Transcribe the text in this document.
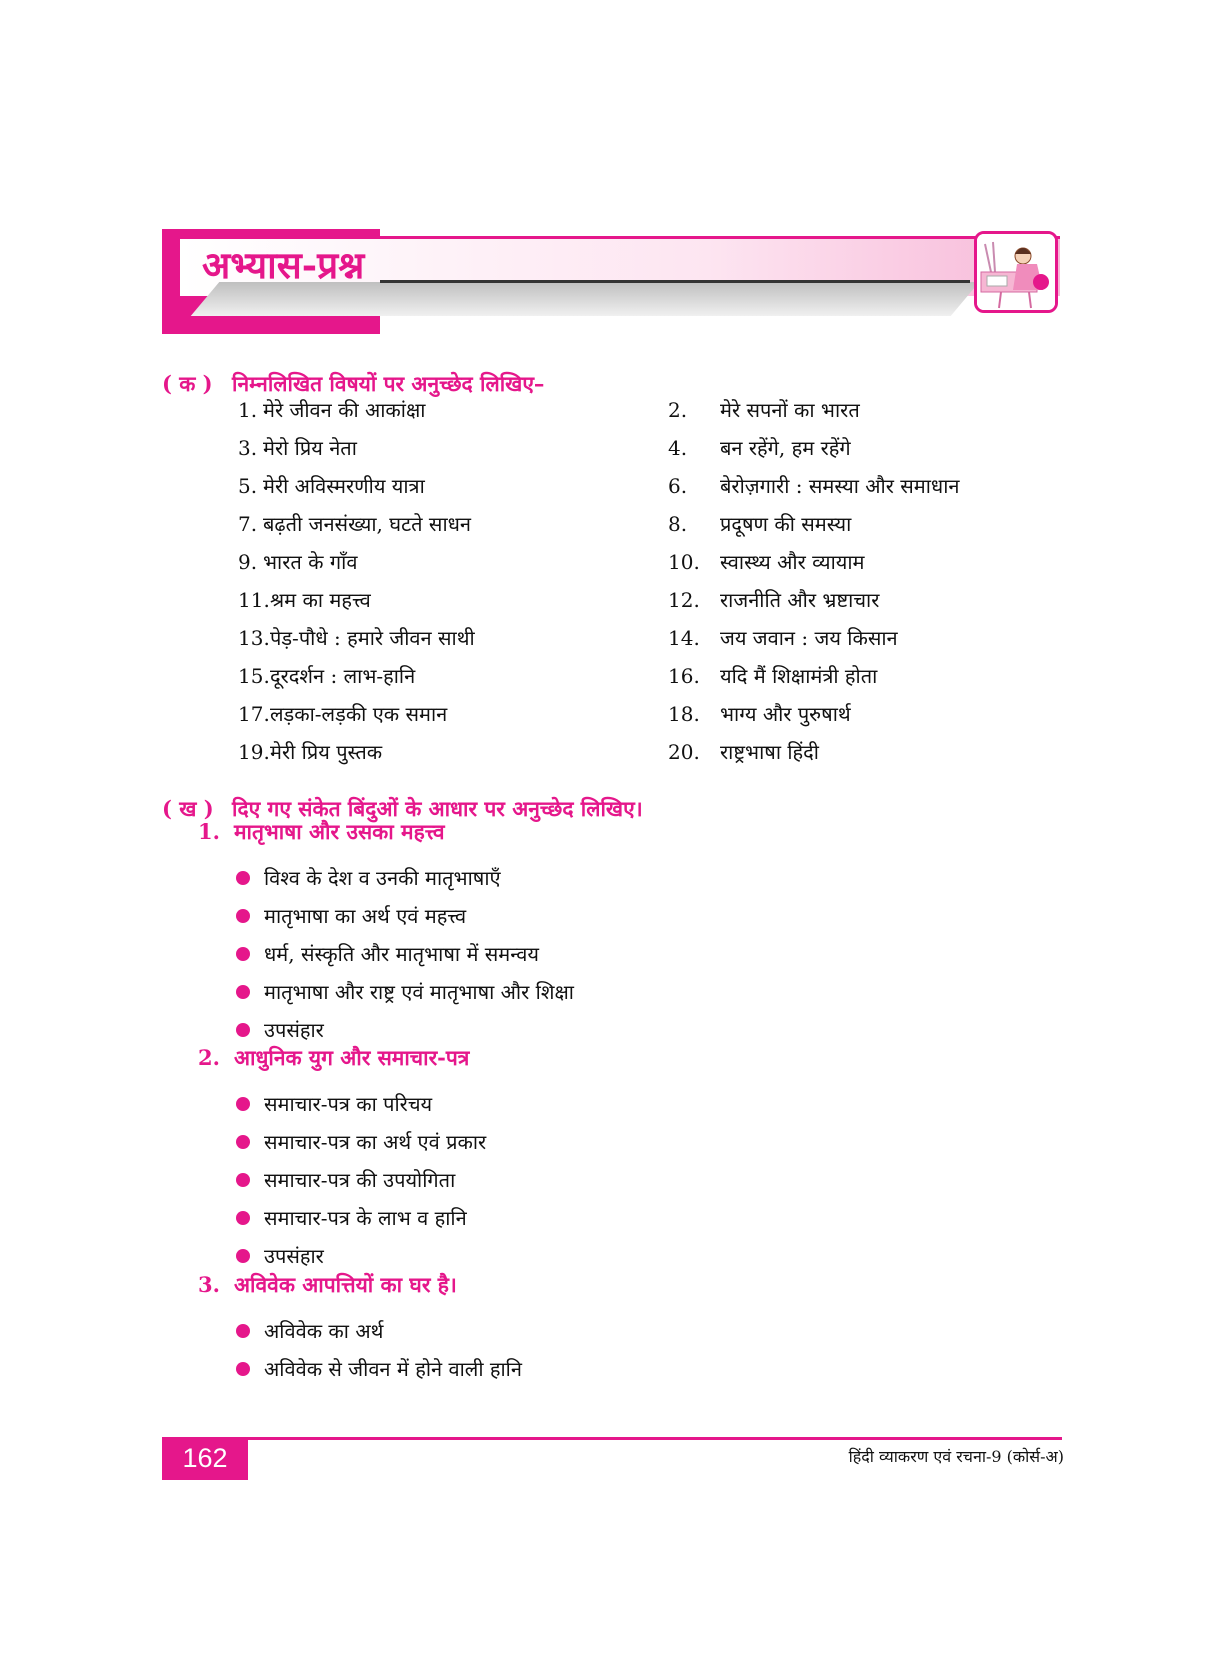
अभ्यास-प्रश्न
( क ) निम्नलिखित विषयों पर अनुच्छेद लिखिए–
1. मेरे जीवन की आकांक्षा	2. मेरे सपनों का भारत
3. मेरो प्रिय नेता	4. बन रहेंगे, हम रहेंगे
5. मेरी अविस्मरणीय यात्रा	6. बेरोज़गारी : समस्या और समाधान
7. बढ़ती जनसंख्या, घटते साधन	8. प्रदूषण की समस्या
9. भारत के गाँव	10. स्वास्थ्य और व्यायाम
11.श्रम का महत्त्व	12. राजनीति और भ्रष्टाचार
13.पेड़-पौधे : हमारे जीवन साथी	14. जय जवान : जय किसान
15.दूरदर्शन : लाभ-हानि	16. यदि मैं शिक्षामंत्री होता
17.लड़का-लड़की एक समान	18. भाग्य और पुरुषार्थ
19.मेरी प्रिय पुस्तक	20. राष्ट्रभाषा हिंदी
( ख ) दिए गए संकेत बिंदुओं के आधार पर अनुच्छेद लिखिए।
1. मातृभाषा और उसका महत्त्व
विश्व के देश व उनकी मातृभाषाएँ
मातृभाषा का अर्थ एवं महत्त्व
धर्म, संस्कृति और मातृभाषा में समन्वय
मातृभाषा और राष्ट्र एवं मातृभाषा और शिक्षा
उपसंहार
2. आधुनिक युग और समाचार-पत्र
समाचार-पत्र का परिचय
समाचार-पत्र का अर्थ एवं प्रकार
समाचार-पत्र की उपयोगिता
समाचार-पत्र के लाभ व हानि
उपसंहार
3. अविवेक आपत्तियों का घर है।
अविवेक का अर्थ
अविवेक से जीवन में होने वाली हानि
162	हिंदी व्याकरण एवं रचना-9 (कोर्स-अ)
